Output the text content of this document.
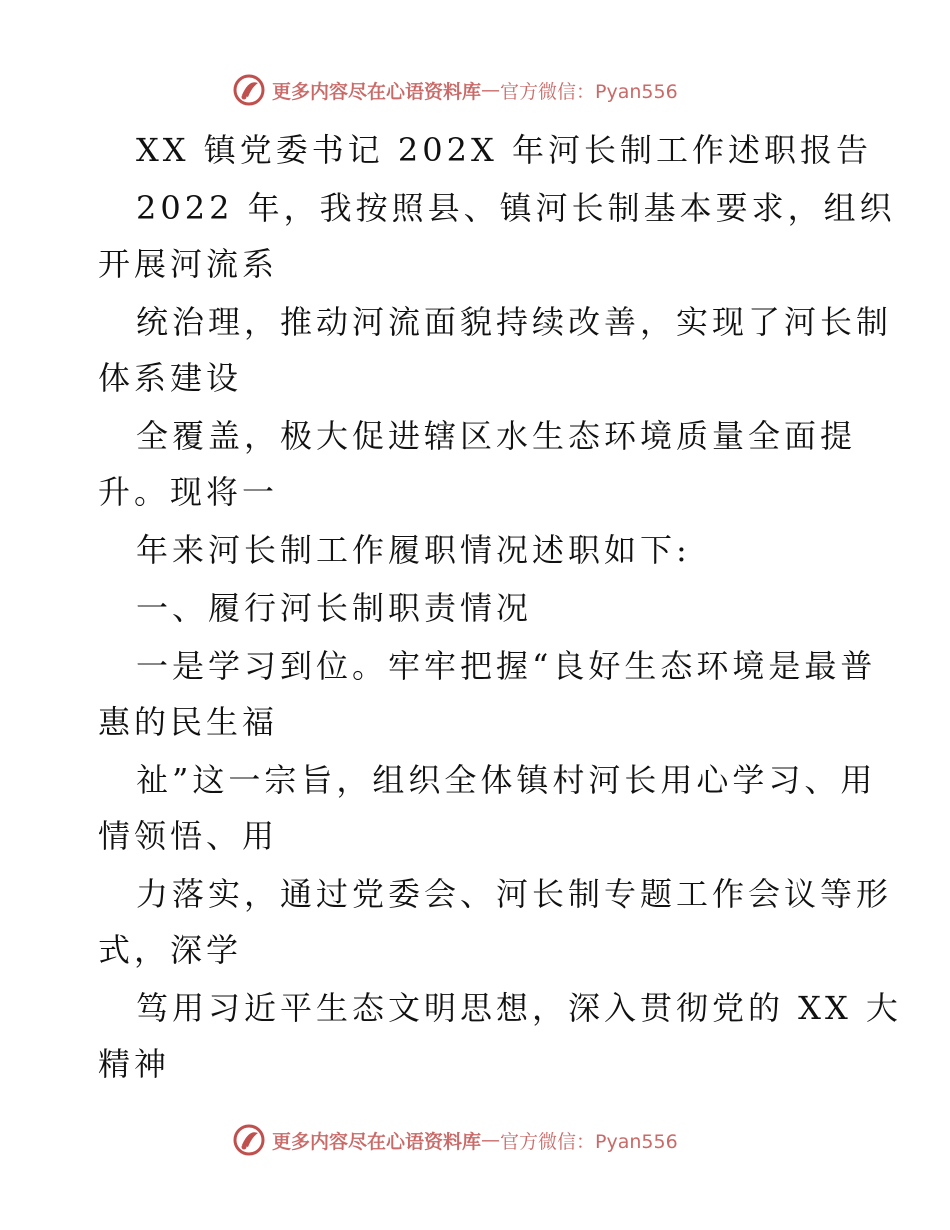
更多内容尽在心语资料库 — 官方微信：Pyan556
XX 镇党委书记 202X 年河长制工作述职报告
2022 年，我按照县、镇河长制基本要求，组织
开展河流系
统治理，推动河流面貌持续改善，实现了河长制
体系建设
全覆盖，极大促进辖区水生态环境质量全面提
升。现将一
年来河长制工作履职情况述职如下:
一、履行河长制职责情况
一是学习到位。牢牢把握“良好生态环境是最普
惠的民生福
祉”这一宗旨，组织全体镇村河长用心学习、用
情领悟、用
力落实，通过党委会、河长制专题工作会议等形
式，深学
笃用习近平生态文明思想，深入贯彻党的 XX 大
精神
更多内容尽在心语资料库 — 官方微信：Pyan556
